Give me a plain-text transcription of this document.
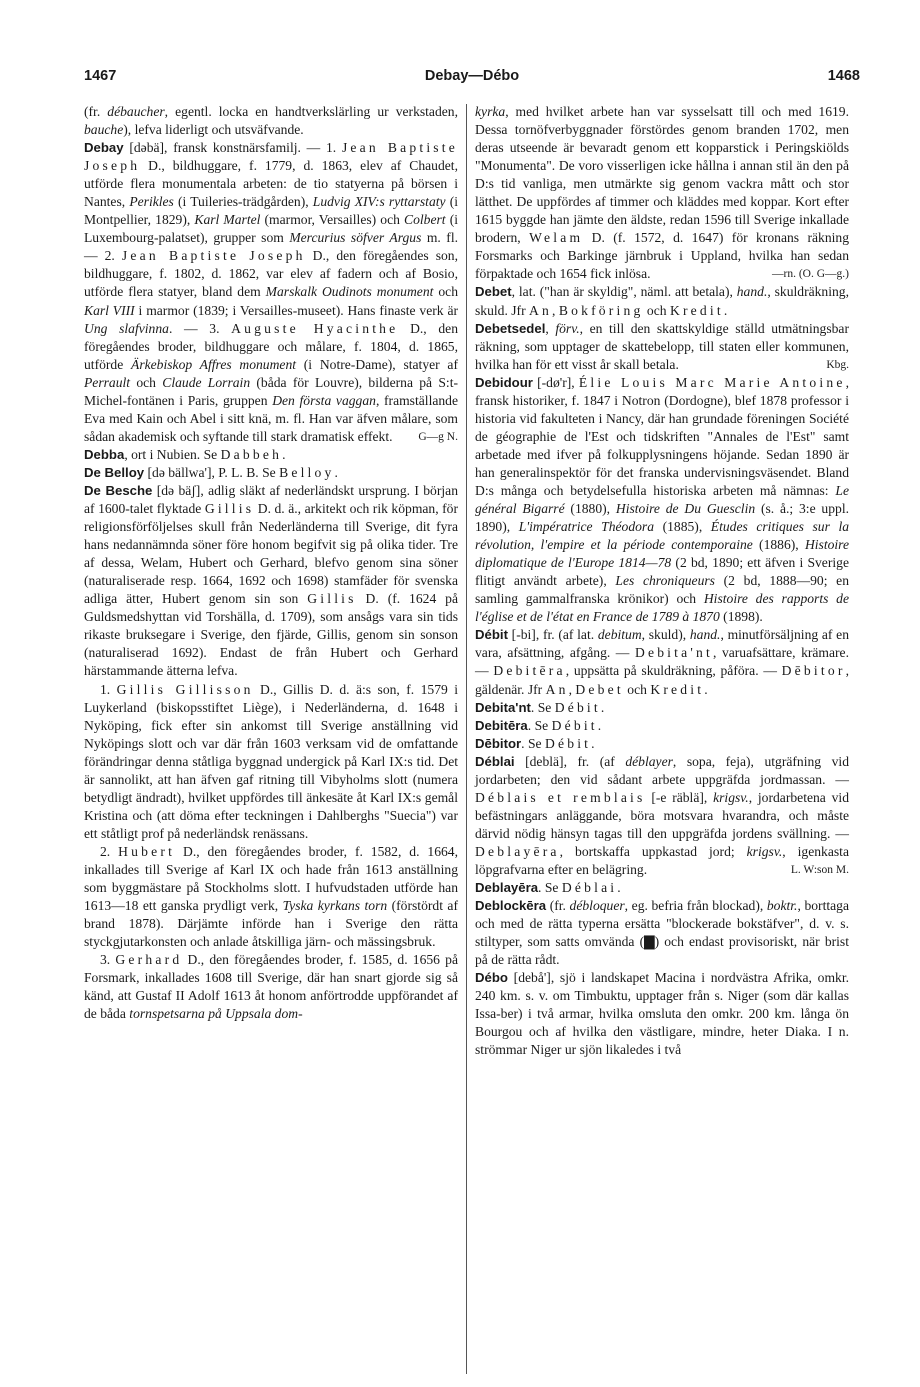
1467	Debay—Débo	1468

(fr. débaucher, egentl. locka en handtverkslärling ur verkstaden, bauche), lefva liderligt och utsväfvande.

Debay [dəbä], fransk konstnärsfamilj. — 1. Jean Baptiste Joseph D., bildhuggare, f. 1779, d. 1863, elev af Chaudet, utförde flera monumentala arbeten: de tio statyerna på börsen i Nantes, Perikles (i Tuileries-trädgården), Ludvig XIV:s ryttarstaty (i Montpellier, 1829), Karl Martel (marmor, Versailles) och Colbert (i Luxembourg-palatset), grupper som Mercurius söfver Argus m. fl. — 2. Jean Baptiste Joseph D., den föregåendes son, bildhuggare, f. 1802, d. 1862, var elev af fadern och af Bosio, utförde flera statyer, bland dem Marskalk Oudinots monument och Karl VIII i marmor (1839; i Versailles-museet). Hans finaste verk är Ung slafvinna. — 3. Auguste Hyacinthe D., den föregåendes broder, bildhuggare och målare, f. 1804, d. 1865, utförde Ärkebiskop Affres monument (i Notre-Dame), statyer af Perrault och Claude Lorrain (båda för Louvre), bilderna på S:t-Michel-fontänen i Paris, gruppen Den första vaggan, framställande Eva med Kain och Abel i sitt knä, m. fl. Han var äfven målare, som sådan akademisk och syftande till stark dramatisk effekt. G—g N.

Debba, ort i Nubien. Se Dabbeh.

De Belloy [də bällwa'], P. L. B. Se Belloy.

De Besche [də bäʃ], adlig släkt af nederländskt ursprung. I början af 1600-talet flyktade Gillis D. d. ä., arkitekt och rik köpman, för religionsförföljelses skull från Nederländerna till Sverige, dit fyra hans nedannämnda söner före honom begifvit sig på olika tider. Tre af dessa, Welam, Hubert och Gerhard, blefvo genom sina söner (naturaliserade resp. 1664, 1692 och 1698) stamfäder för svenska adliga ätter, Hubert genom sin son Gillis D. (f. 1624 på Guldsmedshyttan vid Torshälla, d. 1709), som ansågs vara sin tids rikaste bruksegare i Sverige, den fjärde, Gillis, genom sin sonson (naturaliserad 1692). Endast de från Hubert och Gerhard härstammande ätterna lefva.

1. Gillis Gillisson D., Gillis D. d. ä:s son, f. 1579 i Luykerland (biskopsstiftet Liège), i Nederländerna, d. 1648 i Nyköping, fick efter sin ankomst till Sverige anställning vid Nyköpings slott och var där från 1603 verksam vid de omfattande förändringar denna ståtliga byggnad undergick på Karl IX:s tid. Det är sannolikt, att han äfven gaf ritning till Vibyholms slott (numera betydligt ändradt), hvilket uppfördes till änkesäte åt Karl IX:s gemål Kristina och (att döma efter teckningen i Dahlberghs "Suecia") var ett ståtligt prof på nederländsk renässans.

2. Hubert D., den föregåendes broder, f. 1582, d. 1664, inkallades till Sverige af Karl IX och hade från 1613 anställning som byggmästare på Stockholms slott. I hufvudstaden utförde han 1613—18 ett ganska prydligt verk, Tyska kyrkans torn (förstördt af brand 1878). Därjämte införde han i Sverige den rätta styckgjutarkonsten och anlade åtskilliga järn- och mässingsbruk.

3. Gerhard D., den föregåendes broder, f. 1585, d. 1656 på Forsmark, inkallades 1608 till Sverige, där han snart gjorde sig så känd, att Gustaf II Adolf 1613 åt honom anförtrodde uppförandet af de båda tornspetsarna på Uppsala dom-

kyrka, med hvilket arbete han var sysselsatt till och med 1619. Dessa tornöfverbyggnader förstördes genom branden 1702, men deras utseende är bevaradt genom ett kopparstick i Peringskiölds "Monumenta". De voro visserligen icke hållna i annan stil än den på D:s tid vanliga, men utmärkte sig genom vackra mått och stor lätthet. De uppfördes af timmer och kläddes med koppar. Kort efter 1615 byggde han jämte den äldste, redan 1596 till Sverige inkallade brodern, Welam D. (f. 1572, d. 1647) för kronans räkning Forsmarks och Barkinge järnbruk i Uppland, hvilka han sedan förpaktade och 1654 fick inlösa.	—rn. (O. G—g.)

Debet, lat. ("han är skyldig", näml. att betala), hand., skuldräkning, skuld. Jfr An, Bokföring och Kredit.

Debetsedel, förv., en till den skattskyldige ställd utmätningsbar räkning, som upptager de skattebelopp, till staten eller kommunen, hvilka han för ett visst år skall betala.	Kbg.

Debidour [-dø'r], Élie Louis Marc Marie Antoine, fransk historiker, f. 1847 i Notron (Dordogne), blef 1878 professor i historia vid fakulteten i Nancy, där han grundade föreningen Société de géographie de l'Est och tidskriften "Annales de l'Est" samt arbetade med ifver på folkupplysningens höjande. Sedan 1890 är han generalinspektör för det franska undervisningsväsendet. Bland D:s många och betydelsefulla historiska arbeten må nämnas: Le général Bigarré (1880), Histoire de Du Guesclin (s. å.; 3:e uppl. 1890), L'impératrice Théodora (1885), Études critiques sur la révolution, l'empire et la période contemporaine (1886), Histoire diplomatique de l'Europe 1814—78 (2 bd, 1890; ett äfven i Sverige flitigt användt arbete), Les chroniqueurs (2 bd, 1888—90; en samling gammalfranska krönikor) och Histoire des rapports de l'église et de l'état en France de 1789 à 1870 (1898).

Débit [-bi], fr. (af lat. debitum, skuld), hand., minutförsäljning af en vara, afsättning, afgång. — Debita'nt, varuafsättare, krämare. — Debitēra, uppsätta på skuldräkning, påföra. — Dēbitor, gäldenär. Jfr An, Debet och Kredit.

Debita'nt. Se Débit.

Debitēra. Se Débit.

Dēbitor. Se Débit.

Déblai [deblä], fr. (af déblayer, sopa, feja), utgräfning vid jordarbeten; den vid sådant arbete uppgräfda jordmassan. — Déblais et remblais [-e räblä], krigsv., jordarbetena vid befästningars anläggande, böra motsvara hvarandra, och måste därvid nödig hänsyn tagas till den uppgräfda jordens svällning. — Deblayēra, bortskaffa uppkastad jord; krigsv., igenkasta löpgrafvarna efter en belägring.	L. W:son M.

Deblayēra. Se Déblai.

Deblockēra (fr. débloquer, eg. befria från blockad), boktr., borttaga och med de rätta typerna ersätta "blockerade bokstäfver", d. v. s. stiltyper, som satts omvända (▇) och endast provisoriskt, när brist på de rätta rådt.

Débo [debå'], sjö i landskapet Macina i nordvästra Afrika, omkr. 240 km. s. v. om Timbuktu, upptager från s. Niger (som där kallas Issa-ber) i två armar, hvilka omsluta den omkr. 200 km. långa ön Bourgou och af hvilka den västligare, mindre, heter Diaka. I n. strömmar Niger ur sjön likaledes i två
